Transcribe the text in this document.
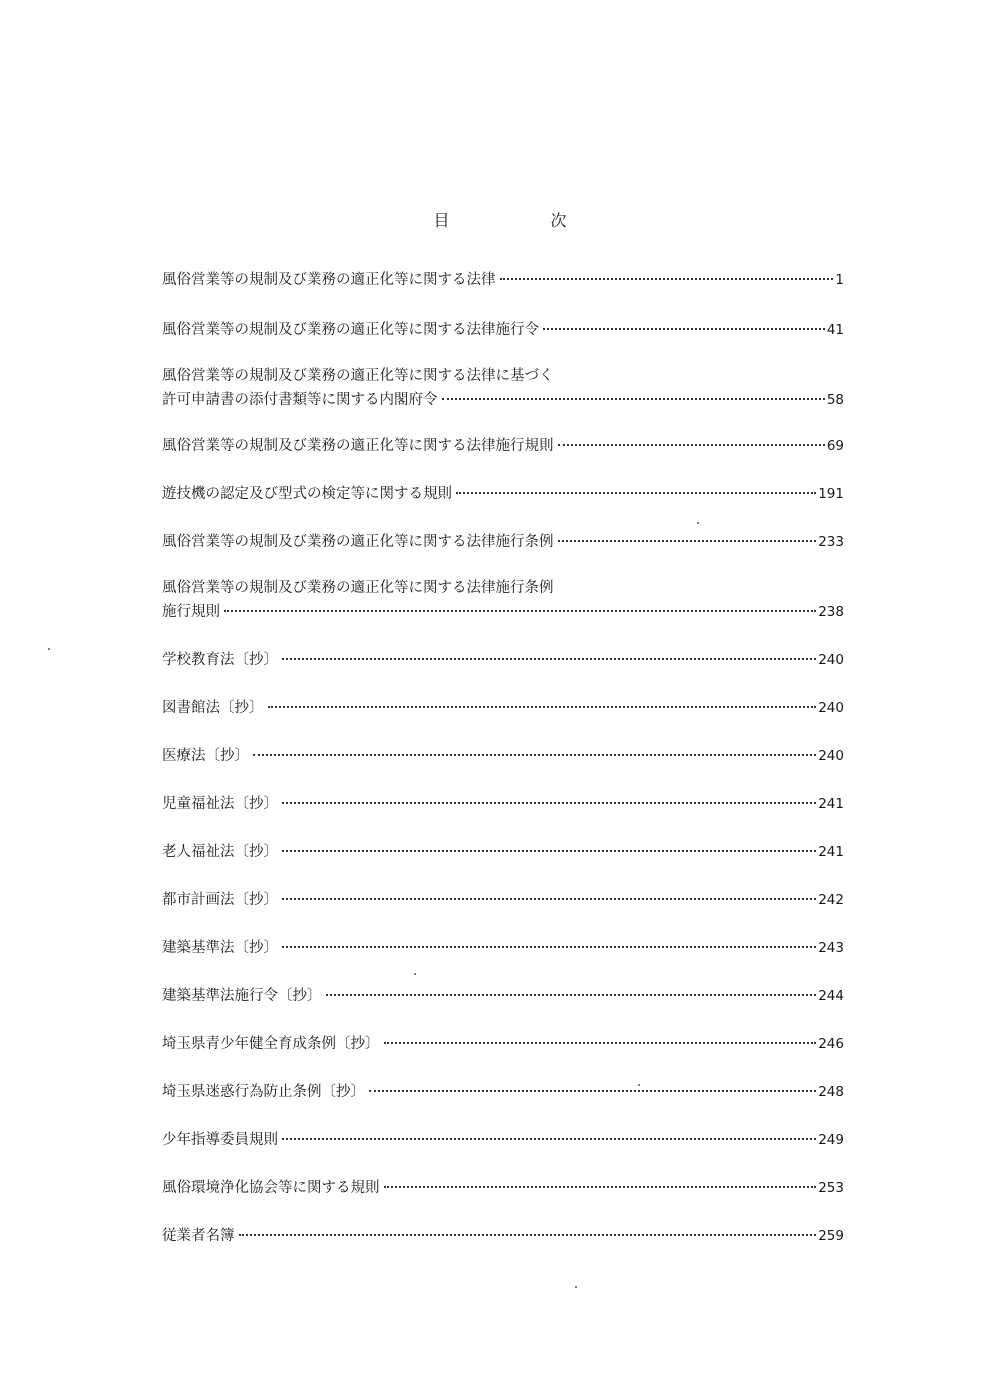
目 次
風俗営業等の規制及び業務の適正化等に関する法律	1
風俗営業等の規制及び業務の適正化等に関する法律施行令	41
風俗営業等の規制及び業務の適正化等に関する法律に基づく
許可申請書の添付書類等に関する内閣府令	58
風俗営業等の規制及び業務の適正化等に関する法律施行規則	69
遊技機の認定及び型式の検定等に関する規則	191
風俗営業等の規制及び業務の適正化等に関する法律施行条例	233
風俗営業等の規制及び業務の適正化等に関する法律施行条例
施行規則	238
学校教育法〔抄〕	240
図書館法〔抄〕	240
医療法〔抄〕	240
児童福祉法〔抄〕	241
老人福祉法〔抄〕	241
都市計画法〔抄〕	242
建築基準法〔抄〕	243
建築基準法施行令〔抄〕	244
埼玉県青少年健全育成条例〔抄〕	246
埼玉県迷惑行為防止条例〔抄〕	248
少年指導委員規則	249
風俗環境浄化協会等に関する規則	253
従業者名簿	259
